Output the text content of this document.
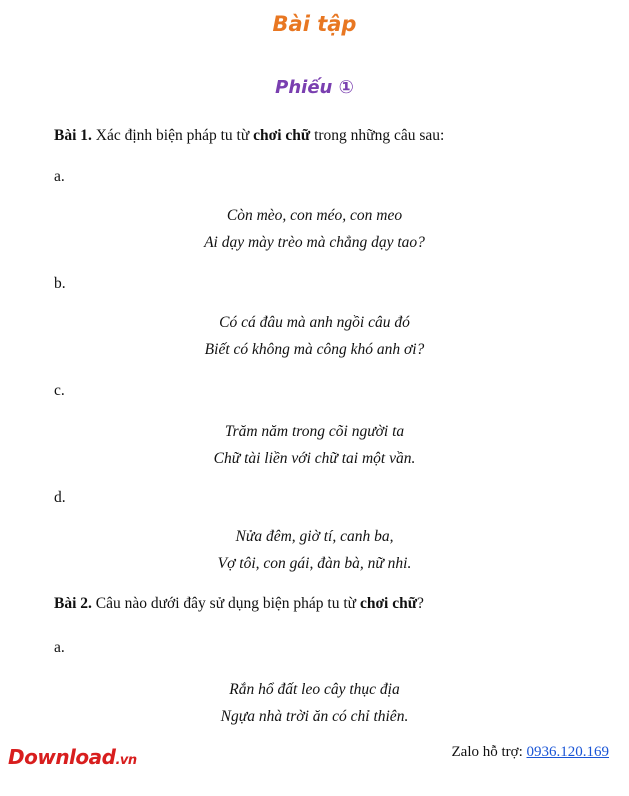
Bài tập
Phiếu ①
Bài 1. Xác định biện pháp tu từ chơi chữ trong những câu sau:
a.
Còn mèo, con méo, con meo
Ai dạy mày trèo mà chẳng dạy tao?
b.
Có cá đâu mà anh ngồi câu đó
Biết có không mà công khó anh ơi?
c.
Trăm năm trong cõi người ta
Chữ tài liền với chữ tai một vần.
d.
Nửa đêm, giờ tí, canh ba,
Vợ tôi, con gái, đàn bà, nữ nhi.
Bài 2. Câu nào dưới đây sử dụng biện pháp tu từ chơi chữ?
a.
Rắn hổ đất leo cây thục địa
Ngựa nhà trời ăn có chỉ thiên.
Download.vn
Zalo hỗ trợ: 0936.120.169
